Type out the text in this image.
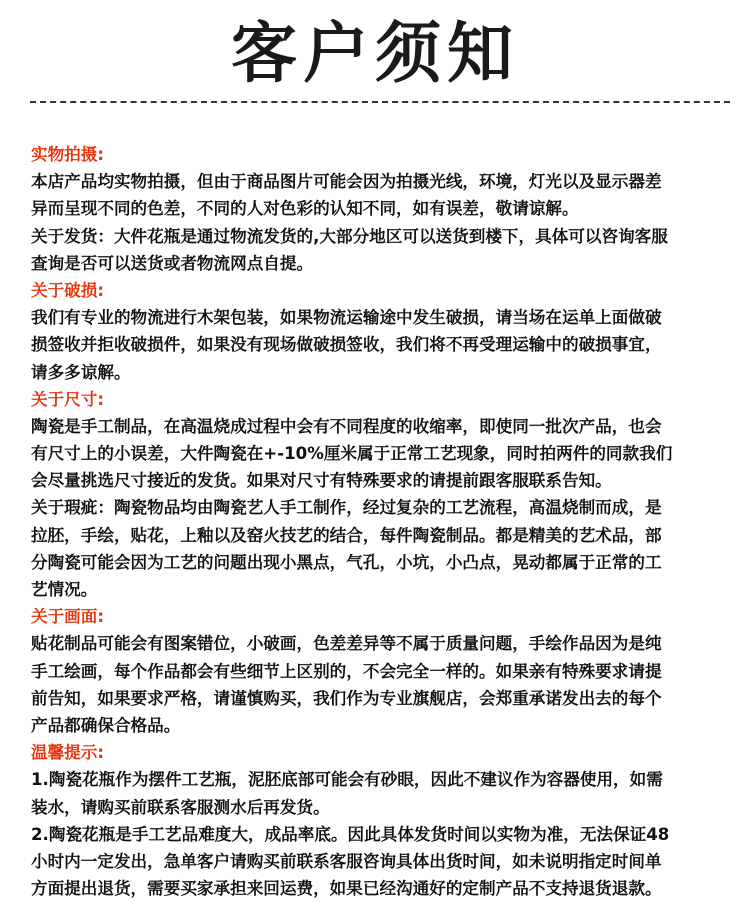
客户须知
实物拍摄:
本店产品均实物拍摄，但由于商品图片可能会因为拍摄光线，环境，灯光以及显示器差
异而呈现不同的色差，不同的人对色彩的认知不同，如有误差，敬请谅解。
关于发货：大件花瓶是通过物流发货的,大部分地区可以送货到楼下，具体可以咨询客服
查询是否可以送货或者物流网点自提。
关于破损:
我们有专业的物流进行木架包装，如果物流运输途中发生破损，请当场在运单上面做破
损签收并拒收破损件，如果没有现场做破损签收，我们将不再受理运输中的破损事宜，
请多多谅解。
关于尺寸:
陶瓷是手工制品，在高温烧成过程中会有不同程度的收缩率，即使同一批次产品，也会
有尺寸上的小误差，大件陶瓷在+-10%厘米属于正常工艺现象，同时拍两件的同款我们
会尽量挑选尺寸接近的发货。如果对尺寸有特殊要求的请提前跟客服联系告知。
关于瑕疵：陶瓷物品均由陶瓷艺人手工制作，经过复杂的工艺流程，高温烧制而成，是
拉胚，手绘，贴花，上釉以及窑火技艺的结合，每件陶瓷制品。都是精美的艺术品，部
分陶瓷可能会因为工艺的问题出现小黑点，气孔，小坑，小凸点，晃动都属于正常的工
艺情况。
关于画面:
贴花制品可能会有图案错位，小破画，色差差异等不属于质量问题，手绘作品因为是纯
手工绘画，每个作品都会有些细节上区别的，不会完全一样的。如果亲有特殊要求请提
前告知，如果要求严格，请谨慎购买，我们作为专业旗舰店，会郑重承诺发出去的每个
产品都确保合格品。
温馨提示:
1.陶瓷花瓶作为摆件工艺瓶，泥胚底部可能会有砂眼，因此不建议作为容器使用，如需
装水，请购买前联系客服测水后再发货。
2.陶瓷花瓶是手工艺品难度大，成品率底。因此具体发货时间以实物为准，无法保证48
小时内一定发出，急单客户请购买前联系客服咨询具体出货时间，如未说明指定时间单
方面提出退货，需要买家承担来回运费，如果已经沟通好的定制产品不支持退货退款。
